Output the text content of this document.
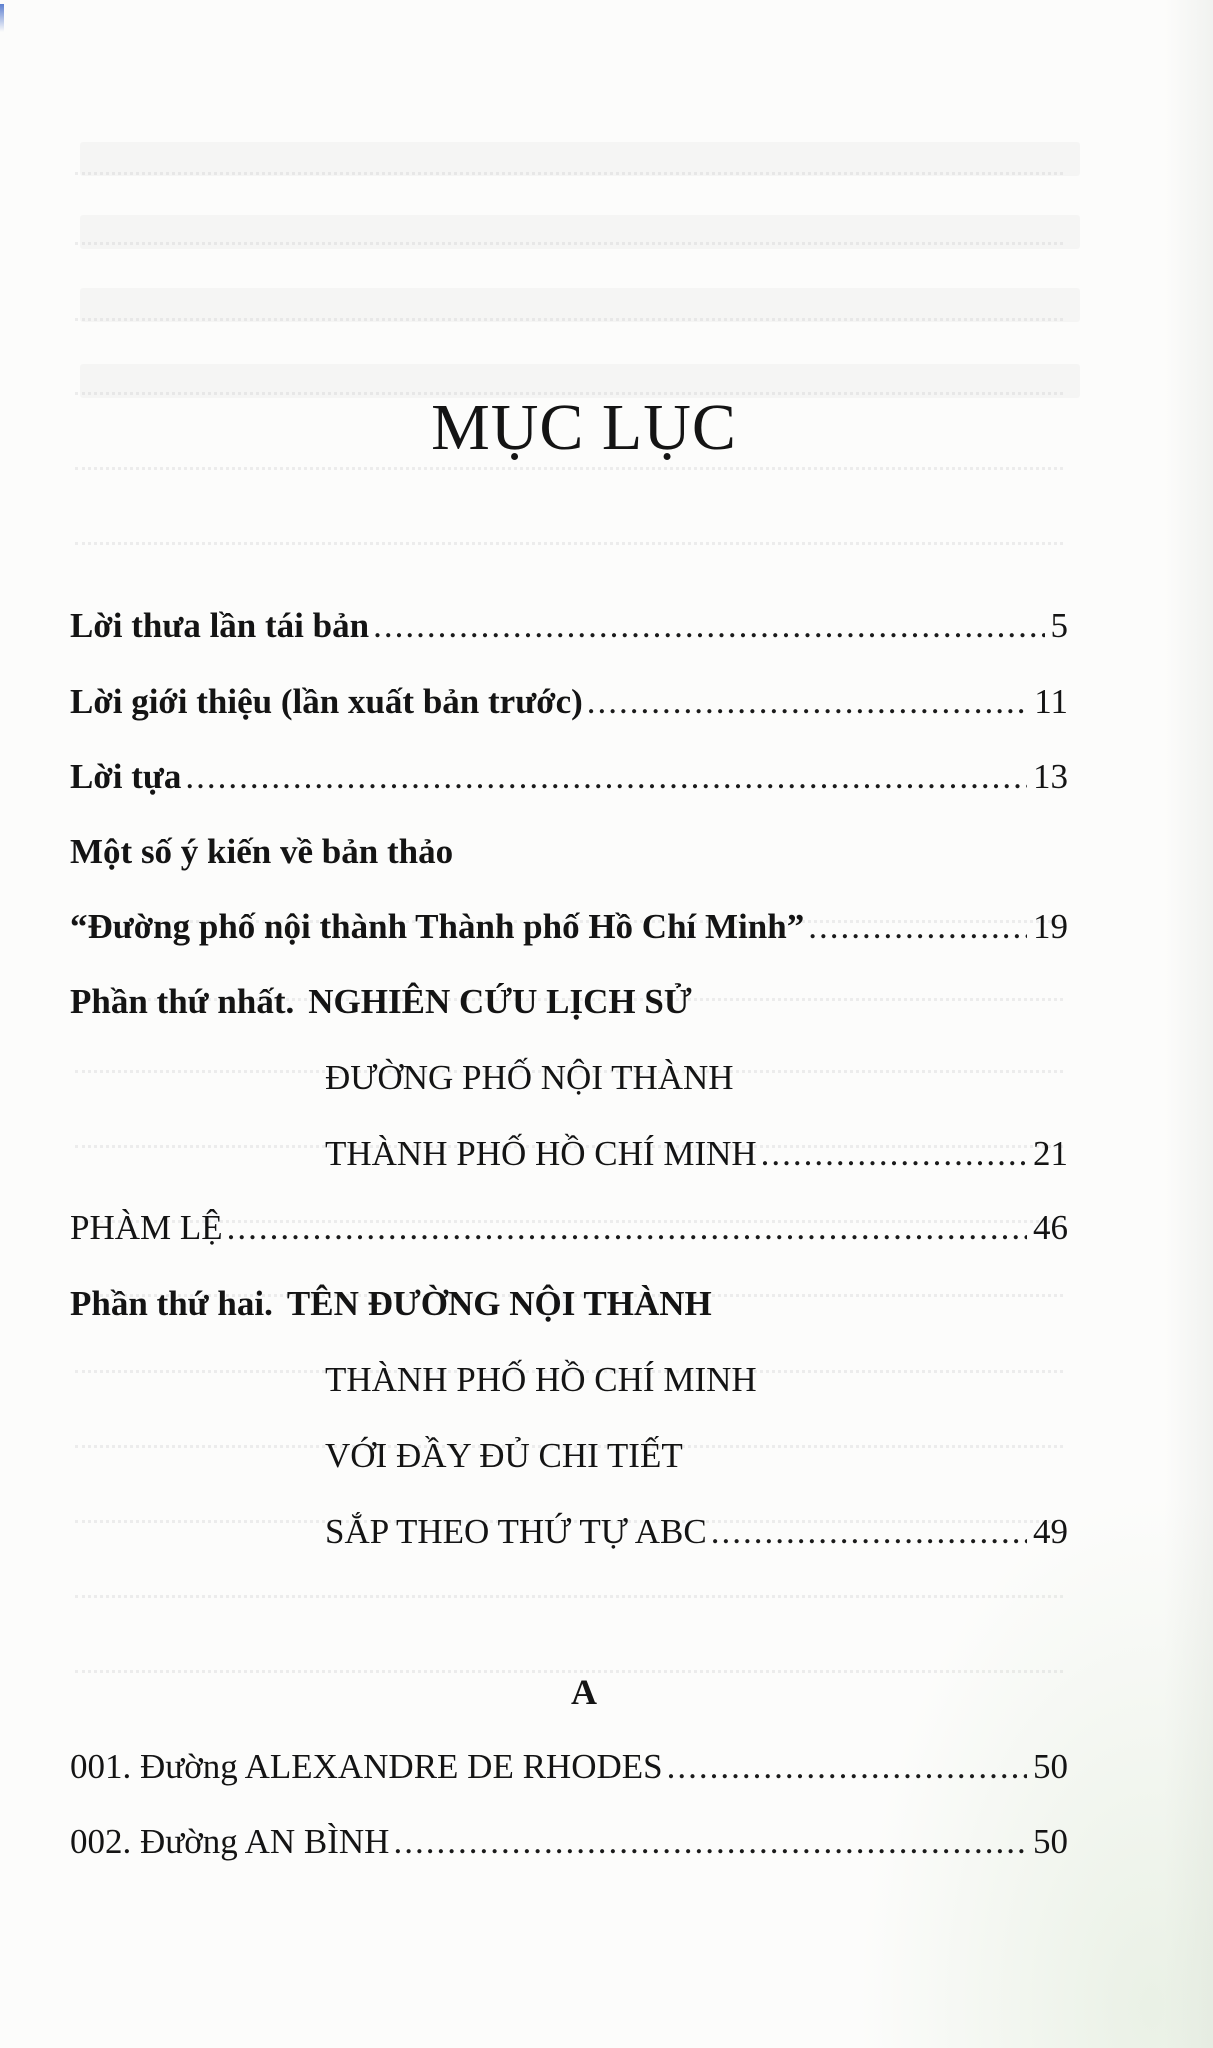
MỤC LỤC
Lời thưa lần tái bản .....	5
Lời giới thiệu (lần xuất bản trước) .....	11
Lời tựa .....	13
Một số ý kiến về bản thảo
“Đường phố nội thành Thành phố Hồ Chí Minh” .....	19
Phần thứ nhất. NGHIÊN CỨU LỊCH SỬ
ĐƯỜNG PHỐ NỘI THÀNH
THÀNH PHỐ HỒ CHÍ MINH .....	21
PHÀM LỆ .....	46
Phần thứ hai. TÊN ĐƯỜNG NỘI THÀNH
THÀNH PHỐ HỒ CHÍ MINH
VỚI ĐẦY ĐỦ CHI TIẾT
SẮP THEO THỨ TỰ ABC .....	49
A
001. Đường ALEXANDRE DE RHODES .....	50
002. Đường AN BÌNH .....	50
